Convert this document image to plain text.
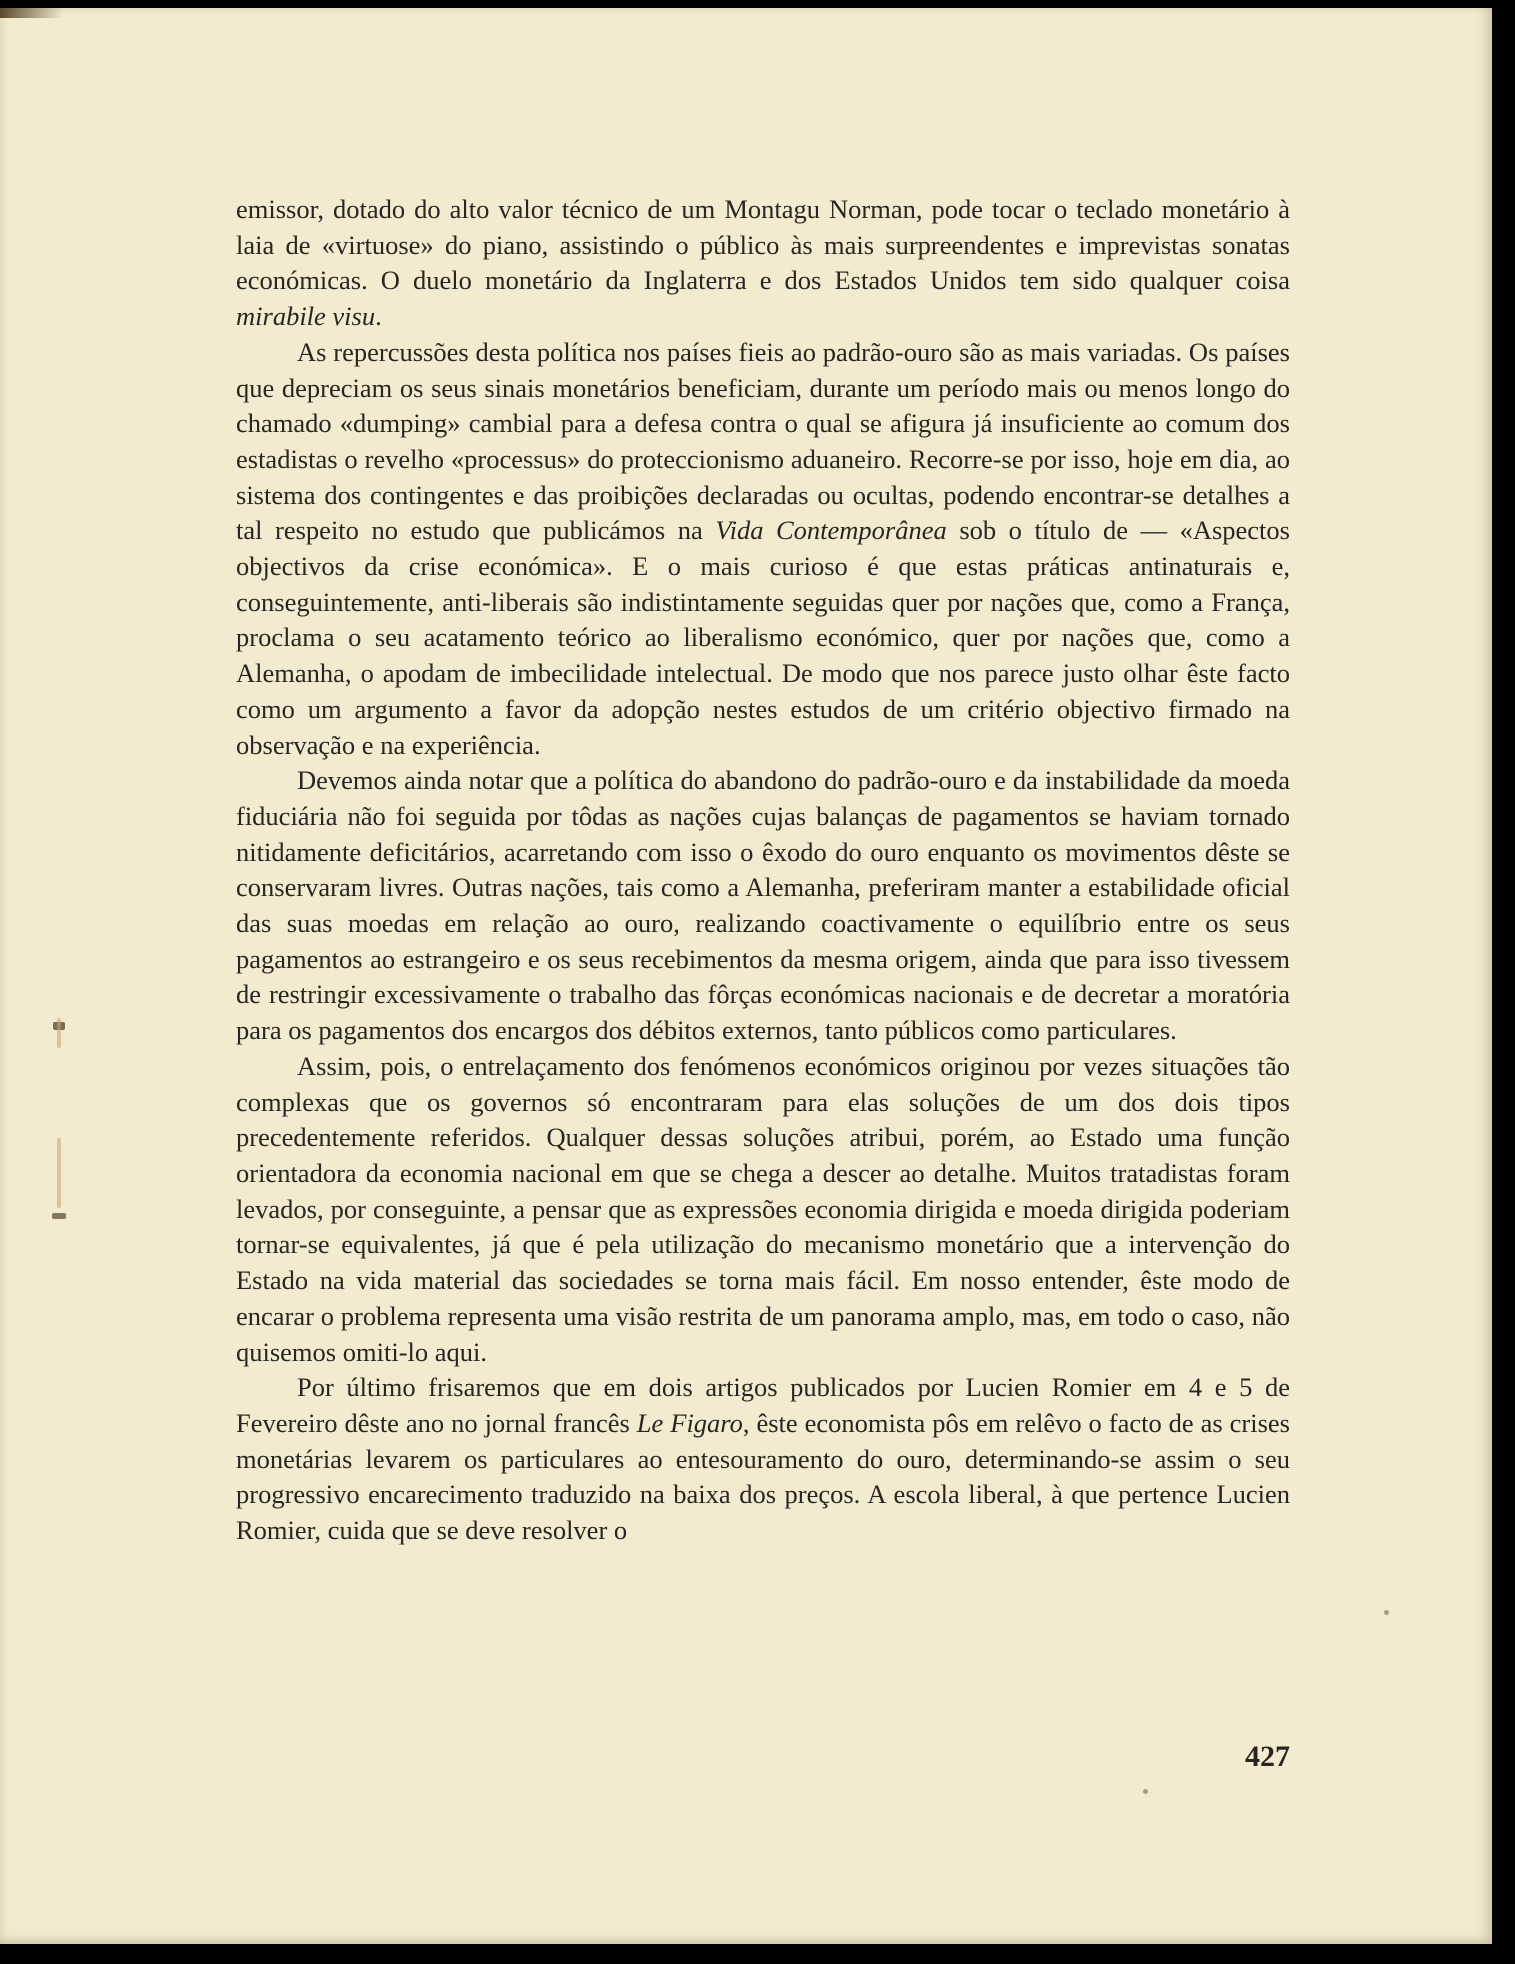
emissor, dotado do alto valor técnico de um Montagu Norman, pode tocar o teclado monetário à laia de «virtuose» do piano, assistindo o público às mais surpreendentes e imprevistas sonatas económicas. O duelo monetário da Inglaterra e dos Estados Unidos tem sido qualquer coisa mirabile visu.

As repercussões desta política nos países fieis ao padrão-ouro são as mais variadas. Os países que depreciam os seus sinais monetários beneficiam, durante um período mais ou menos longo do chamado «dumping» cambial para a defesa contra o qual se afigura já insuficiente ao comum dos estadistas o revelho «processus» do proteccionismo aduaneiro. Recorre-se por isso, hoje em dia, ao sistema dos contingentes e das proibições declaradas ou ocultas, podendo encontrar-se detalhes a tal respeito no estudo que publicámos na Vida Contemporânea sob o título de — «Aspectos objectivos da crise económica». E o mais curioso é que estas práticas antinaturais e, conseguintemente, anti-liberais são indistintamente seguidas quer por nações que, como a França, proclama o seu acatamento teórico ao liberalismo económico, quer por nações que, como a Alemanha, o apodam de imbecilidade intelectual. De modo que nos parece justo olhar êste facto como um argumento a favor da adopção nestes estudos de um critério objectivo firmado na observação e na experiência.

Devemos ainda notar que a política do abandono do padrão-ouro e da instabilidade da moeda fiduciária não foi seguida por tôdas as nações cujas balanças de pagamentos se haviam tornado nitidamente deficitários, acarretando com isso o êxodo do ouro enquanto os movimentos dêste se conservaram livres. Outras nações, tais como a Alemanha, preferiram manter a estabilidade oficial das suas moedas em relação ao ouro, realizando coactivamente o equilíbrio entre os seus pagamentos ao estrangeiro e os seus recebimentos da mesma origem, ainda que para isso tivessem de restringir excessivamente o trabalho das fôrças económicas nacionais e de decretar a moratória para os pagamentos dos encargos dos débitos externos, tanto públicos como particulares.

Assim, pois, o entrelaçamento dos fenómenos económicos originou por vezes situações tão complexas que os governos só encontraram para elas soluções de um dos dois tipos precedentemente referidos. Qualquer dessas soluções atribui, porém, ao Estado uma função orientadora da economia nacional em que se chega a descer ao detalhe. Muitos tratadistas foram levados, por conseguinte, a pensar que as expressões economia dirigida e moeda dirigida poderiam tornar-se equivalentes, já que é pela utilização do mecanismo monetário que a intervenção do Estado na vida material das sociedades se torna mais fácil. Em nosso entender, êste modo de encarar o problema representa uma visão restrita de um panorama amplo, mas, em todo o caso, não quisemos omiti-lo aqui.

Por último frisaremos que em dois artigos publicados por Lucien Romier em 4 e 5 de Fevereiro dêste ano no jornal francês Le Figaro, êste economista pôs em relêvo o facto de as crises monetárias levarem os particulares ao entesouramento do ouro, determinando-se assim o seu progressivo encarecimento traduzido na baixa dos preços. A escola liberal, à que pertence Lucien Romier, cuida que se deve resolver o

427
